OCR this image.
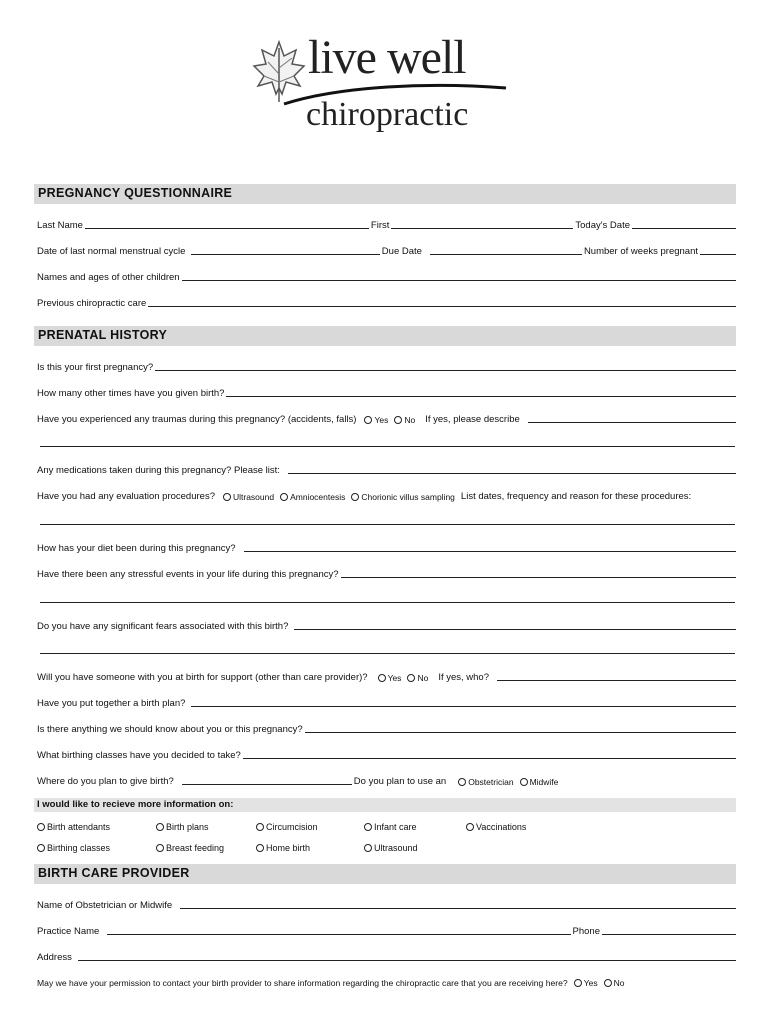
live well
chiropractic
PREGNANCY QUESTIONNAIRE
Last Name	First	Today's Date
Date of last normal menstrual cycle	Due Date	Number of weeks pregnant
Names and ages of other children
Previous chiropractic care
PRENATAL HISTORY
Is this your first pregnancy?
How many other times have you given birth?
Have you experienced any traumas during this pregnancy? (accidents, falls) Yes No If yes, please describe
Any medications taken during this pregnancy? Please list:
Have you had any evaluation procedures? Ultrasound Amniocentesis Chorionic villus sampling List dates, frequency and reason for these procedures:
How has your diet been during this pregnancy?
Have there been any stressful events in your life during this pregnancy?
Do you have any significant fears associated with this birth?
Will you have someone with you at birth for support (other than care provider)? Yes No If yes, who?
Have you put together a birth plan?
Is there anything we should know about you or this pregnancy?
What birthing classes have you decided to take?
Where do you plan to give birth?	Do you plan to use an	Obstetrician Midwife
I would like to recieve more information on:
Birth attendants	Birth plans	Circumcision	Infant care	Vaccinations
Birthing classes	Breast feeding	Home birth	Ultrasound
BIRTH CARE PROVIDER
Name of Obstetrician or Midwife
Practice Name	Phone
Address
May we have your permission to contact your birth provider to share information regarding the chiropractic care that you are receiving here? Yes No
